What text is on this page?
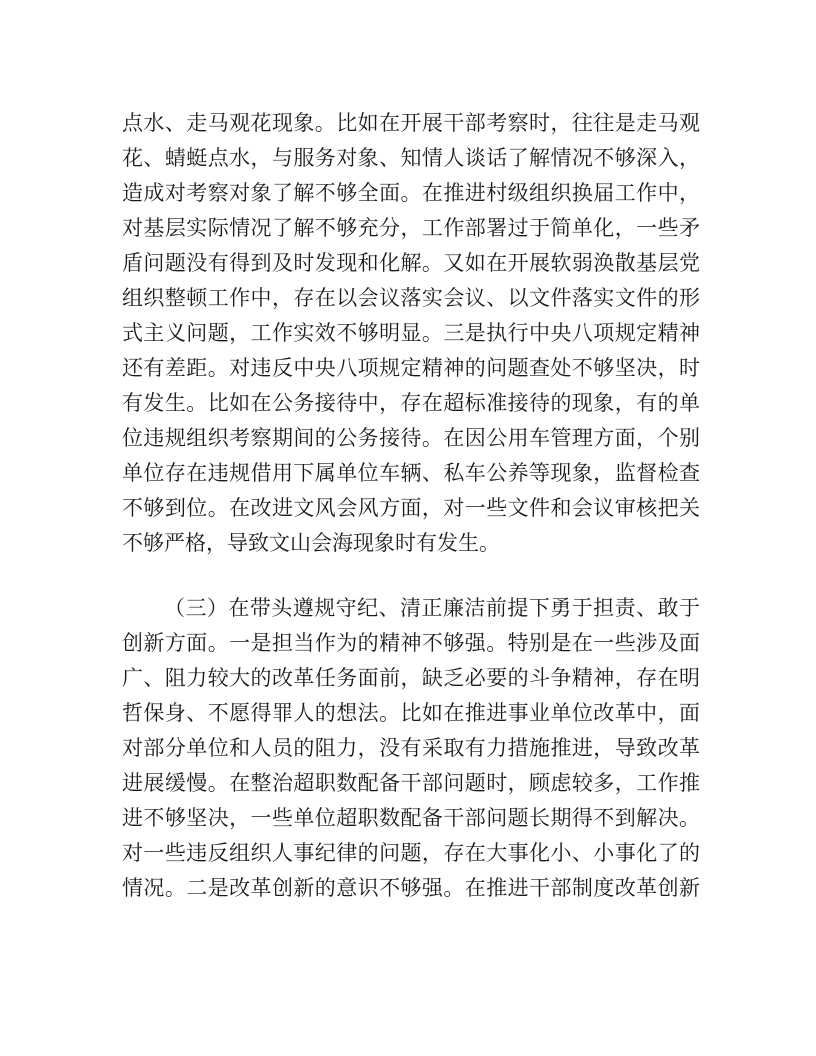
点水、走马观花现象。比如在开展干部考察时，往往是走马观
花、蜻蜓点水，与服务对象、知情人谈话了解情况不够深入，
造成对考察对象了解不够全面。在推进村级组织换届工作中，
对基层实际情况了解不够充分，工作部署过于简单化，一些矛
盾问题没有得到及时发现和化解。又如在开展软弱涣散基层党
组织整顿工作中，存在以会议落实会议、以文件落实文件的形
式主义问题，工作实效不够明显。三是执行中央八项规定精神
还有差距。对违反中央八项规定精神的问题查处不够坚决，时
有发生。比如在公务接待中，存在超标准接待的现象，有的单
位违规组织考察期间的公务接待。在因公用车管理方面，个别
单位存在违规借用下属单位车辆、私车公养等现象，监督检查
不够到位。在改进文风会风方面，对一些文件和会议审核把关
不够严格，导致文山会海现象时有发生。
（三）在带头遵规守纪、清正廉洁前提下勇于担责、敢于
创新方面。一是担当作为的精神不够强。特别是在一些涉及面
广、阻力较大的改革任务面前，缺乏必要的斗争精神，存在明
哲保身、不愿得罪人的想法。比如在推进事业单位改革中，面
对部分单位和人员的阻力，没有采取有力措施推进，导致改革
进展缓慢。在整治超职数配备干部问题时，顾虑较多，工作推
进不够坚决，一些单位超职数配备干部问题长期得不到解决。
对一些违反组织人事纪律的问题，存在大事化小、小事化了的
情况。二是改革创新的意识不够强。在推进干部制度改革创新
